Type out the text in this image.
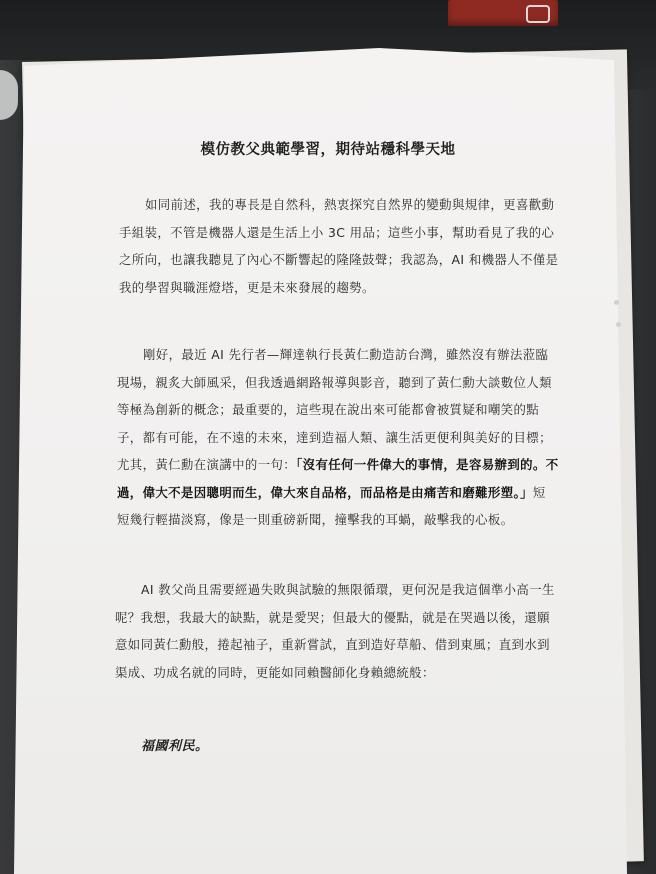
模仿教父典範學習，期待站穩科學天地
如同前述，我的專長是自然科，熱衷探究自然界的變動與規律，更喜歡動
手組裝，不管是機器人還是生活上小 3C 用品；這些小事，幫助看見了我的心
之所向，也讓我聽見了內心不斷響起的隆隆鼓聲；我認為，AI 和機器人不僅是
我的學習與職涯燈塔，更是未來發展的趨勢。
剛好，最近 AI 先行者—輝達執行長黃仁勳造訪台灣，雖然沒有辦法蒞臨
現場，親炙大師風采，但我透過網路報導與影音，聽到了黃仁勳大談數位人類
等極為創新的概念；最重要的，這些現在說出來可能都會被質疑和嘲笑的點
子，都有可能，在不遠的未來，達到造福人類、讓生活更便利與美好的目標；
尤其，黃仁勳在演講中的一句：「沒有任何一件偉大的事情，是容易辦到的。不
過，偉大不是因聰明而生，偉大來自品格，而品格是由痛苦和磨難形塑。」短
短幾行輕描淡寫，像是一則重磅新聞，撞擊我的耳蝸，敲擊我的心板。
AI 教父尚且需要經過失敗與試驗的無限循環，更何況是我這個準小高一生
呢？我想，我最大的缺點，就是愛哭；但最大的優點，就是在哭過以後，還願
意如同黃仁勳般，捲起袖子，重新嘗試，直到造好草船、借到東風；直到水到
渠成、功成名就的同時，更能如同賴醫師化身賴總統般：

福國利民。
